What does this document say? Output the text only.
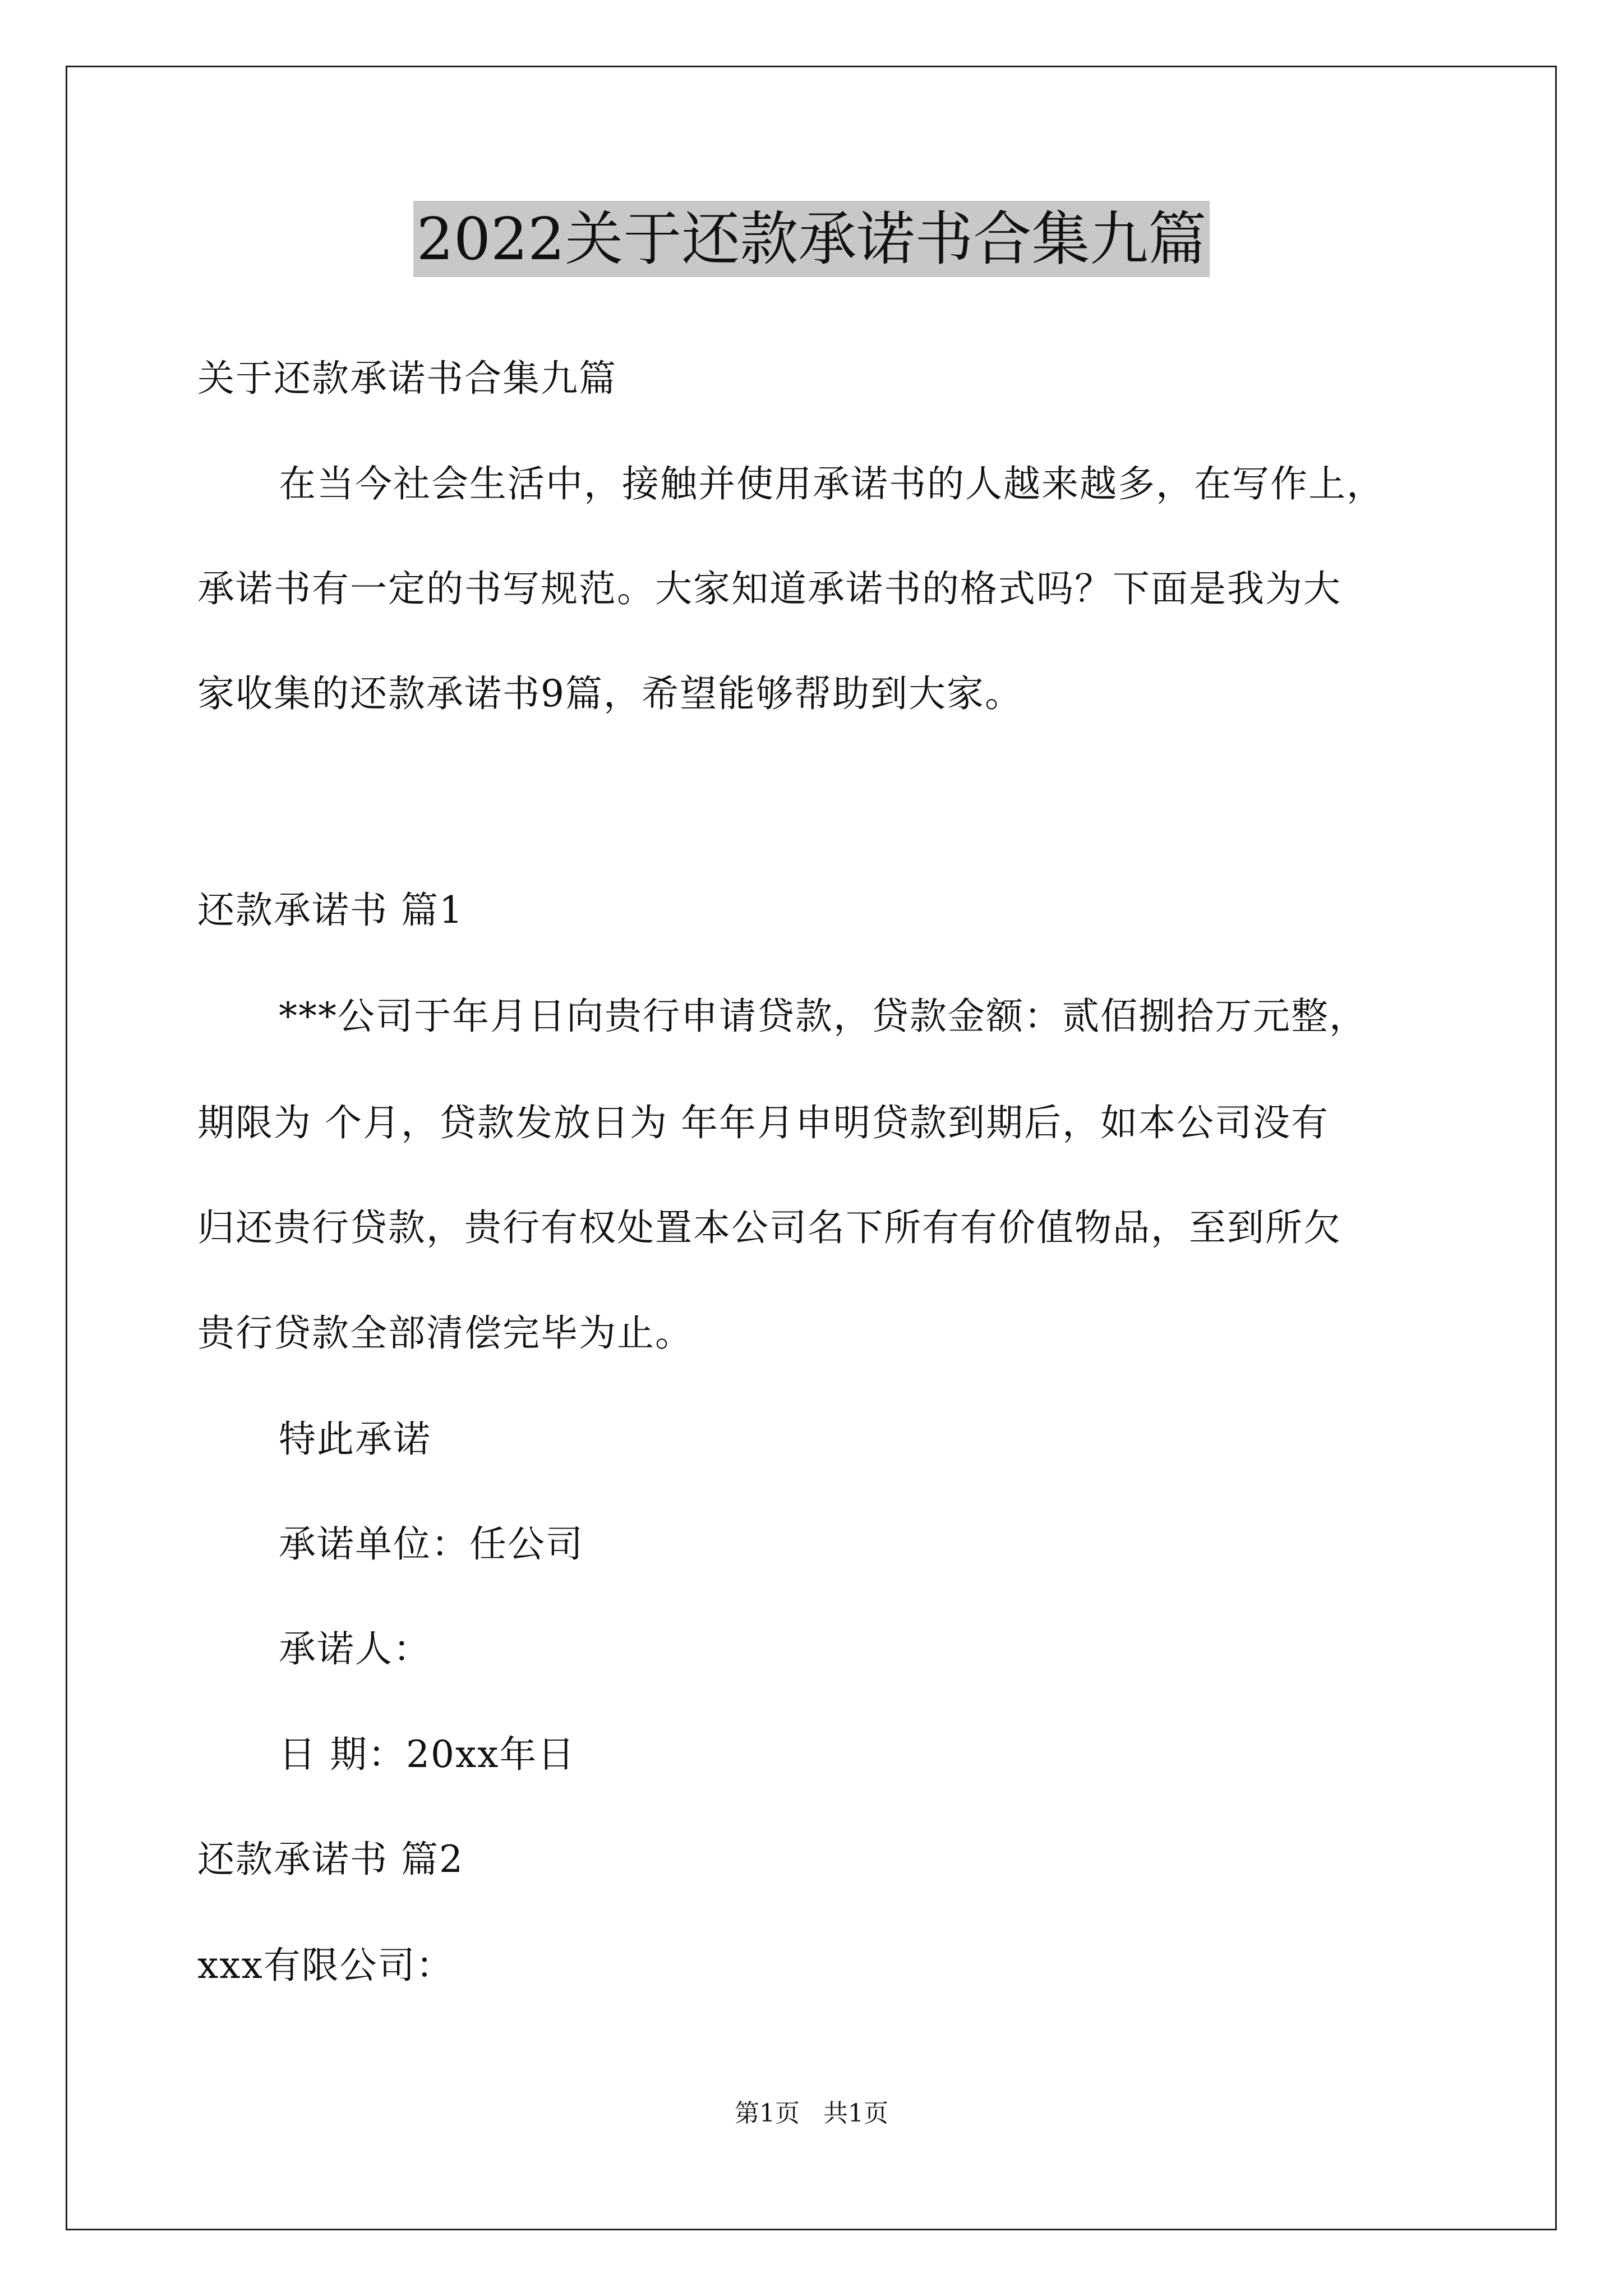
2022关于还款承诺书合集九篇
关于还款承诺书合集九篇
在当今社会生活中，接触并使用承诺书的人越来越多，在写作上，
承诺书有一定的书写规范。大家知道承诺书的格式吗？下面是我为大
家收集的还款承诺书9篇，希望能够帮助到大家。
还款承诺书 篇1
***公司于年月日向贵行申请贷款，贷款金额：贰佰捌拾万元整，
期限为 个月，贷款发放日为 年年月申明贷款到期后，如本公司没有
归还贵行贷款，贵行有权处置本公司名下所有有价值物品，至到所欠
贵行贷款全部清偿完毕为止。
特此承诺
承诺单位：任公司
承诺人：
日 期：20xx年日
还款承诺书 篇2
xxx有限公司：
第1页   共1页
